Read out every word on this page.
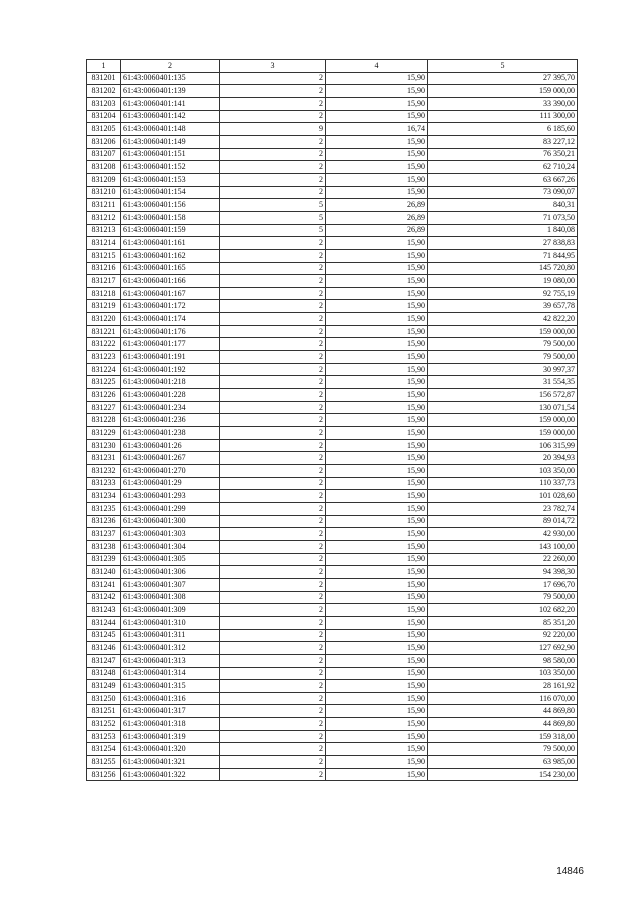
1	2	3	4	5
831201	61:43:0060401:135	2	15,90	27 395,70
831202	61:43:0060401:139	2	15,90	159 000,00
831203	61:43:0060401:141	2	15,90	33 390,00
831204	61:43:0060401:142	2	15,90	111 300,00
831205	61:43:0060401:148	9	16,74	6 185,60
831206	61:43:0060401:149	2	15,90	83 227,12
831207	61:43:0060401:151	2	15,90	76 350,21
831208	61:43:0060401:152	2	15,90	62 710,24
831209	61:43:0060401:153	2	15,90	63 667,26
831210	61:43:0060401:154	2	15,90	73 090,07
831211	61:43:0060401:156	5	26,89	840,31
831212	61:43:0060401:158	5	26,89	71 073,50
831213	61:43:0060401:159	5	26,89	1 840,08
831214	61:43:0060401:161	2	15,90	27 838,83
831215	61:43:0060401:162	2	15,90	71 844,95
831216	61:43:0060401:165	2	15,90	145 720,80
831217	61:43:0060401:166	2	15,90	19 080,00
831218	61:43:0060401:167	2	15,90	92 755,19
831219	61:43:0060401:172	2	15,90	39 657,78
831220	61:43:0060401:174	2	15,90	42 822,20
831221	61:43:0060401:176	2	15,90	159 000,00
831222	61:43:0060401:177	2	15,90	79 500,00
831223	61:43:0060401:191	2	15,90	79 500,00
831224	61:43:0060401:192	2	15,90	30 997,37
831225	61:43:0060401:218	2	15,90	31 554,35
831226	61:43:0060401:228	2	15,90	156 572,87
831227	61:43:0060401:234	2	15,90	130 071,54
831228	61:43:0060401:236	2	15,90	159 000,00
831229	61:43:0060401:238	2	15,90	159 000,00
831230	61:43:0060401:26	2	15,90	106 315,99
831231	61:43:0060401:267	2	15,90	20 394,93
831232	61:43:0060401:270	2	15,90	103 350,00
831233	61:43:0060401:29	2	15,90	110 337,73
831234	61:43:0060401:293	2	15,90	101 028,60
831235	61:43:0060401:299	2	15,90	23 782,74
831236	61:43:0060401:300	2	15,90	89 014,72
831237	61:43:0060401:303	2	15,90	42 930,00
831238	61:43:0060401:304	2	15,90	143 100,00
831239	61:43:0060401:305	2	15,90	22 260,00
831240	61:43:0060401:306	2	15,90	94 398,30
831241	61:43:0060401:307	2	15,90	17 696,70
831242	61:43:0060401:308	2	15,90	79 500,00
831243	61:43:0060401:309	2	15,90	102 682,20
831244	61:43:0060401:310	2	15,90	85 351,20
831245	61:43:0060401:311	2	15,90	92 220,00
831246	61:43:0060401:312	2	15,90	127 692,90
831247	61:43:0060401:313	2	15,90	98 580,00
831248	61:43:0060401:314	2	15,90	103 350,00
831249	61:43:0060401:315	2	15,90	28 161,92
831250	61:43:0060401:316	2	15,90	116 070,00
831251	61:43:0060401:317	2	15,90	44 869,80
831252	61:43:0060401:318	2	15,90	44 869,80
831253	61:43:0060401:319	2	15,90	159 318,00
831254	61:43:0060401:320	2	15,90	79 500,00
831255	61:43:0060401:321	2	15,90	63 985,00
831256	61:43:0060401:322	2	15,90	154 230,00
14846
